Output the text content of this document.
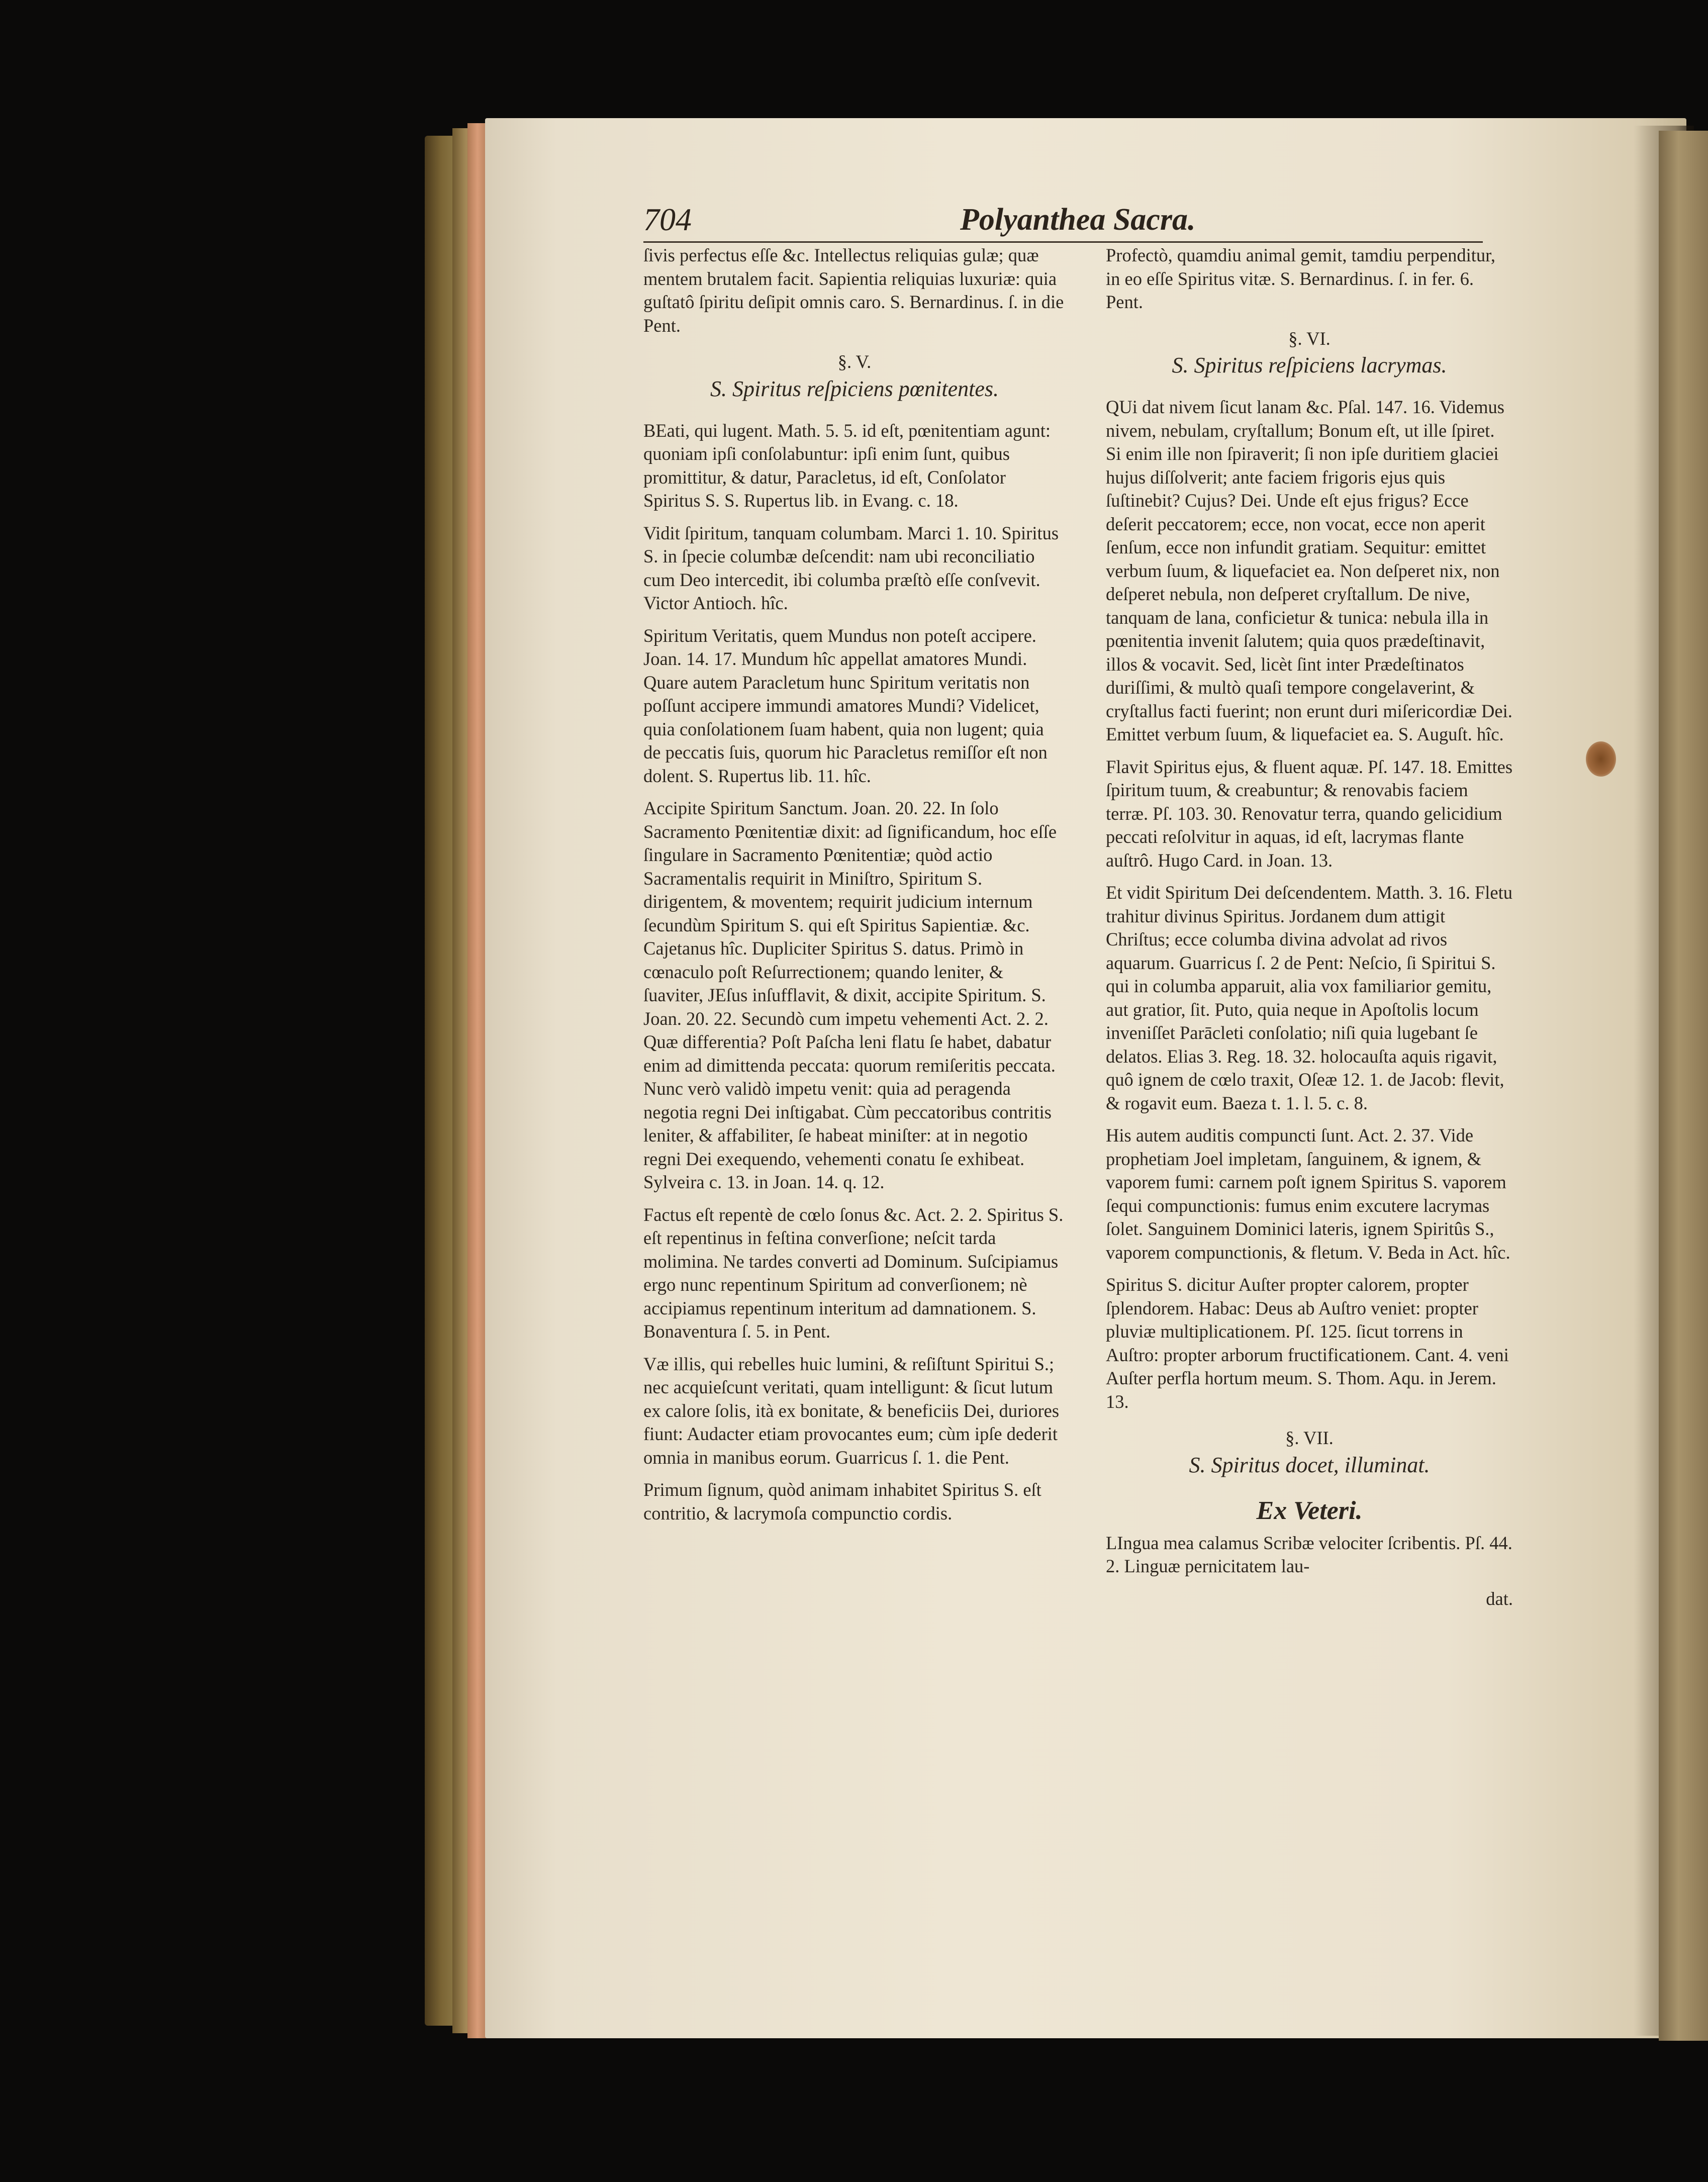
704	Polyanthea Sacra.

ſivis perfectus eſſe &c. Intellectus reliquias gulæ; quæ mentem brutalem facit. Sapientia reliquias luxuriæ: quia guſtatô ſpiritu deſipit omnis caro. S. Bernardinus. ſ. in die Pent.

§. V.

S. Spiritus reſpiciens pœnitentes.

BEati, qui lugent. Math. 5. 5. id eſt, pœnitentiam agunt: quoniam ipſi conſolabuntur: ipſi enim ſunt, quibus promittitur, & datur, Paracletus, id eſt, Conſolator Spiritus S. S. Rupertus lib. in Evang. c. 18.

Vidit ſpiritum, tanquam columbam. Marci 1. 10. Spiritus S. in ſpecie columbæ deſcendit: nam ubi reconciliatio cum Deo intercedit, ibi columba præſtò eſſe conſvevit. Victor Antioch. hîc.

Spiritum Veritatis, quem Mundus non poteſt accipere. Joan. 14. 17. Mundum hîc appellat amatores Mundi. Quare autem Paracletum hunc Spiritum veritatis non poſſunt accipere immundi amatores Mundi? Videlicet, quia conſolationem ſuam habent, quia non lugent; quia de peccatis ſuis, quorum hic Paracletus remiſſor eſt non dolent. S. Rupertus lib. 11. hîc.

Accipite Spiritum Sanctum. Joan. 20. 22. In ſolo Sacramento Pœnitentiæ dixit: ad ſignificandum, hoc eſſe ſingulare in Sacramento Pœnitentiæ; quòd actio Sacramentalis requirit in Miniſtro, Spiritum S. dirigentem, & moventem; requirit judicium internum ſecundùm Spiritum S. qui eſt Spiritus Sapientiæ. &c. Cajetanus hîc. Dupliciter Spiritus S. datus. Primò in cœnaculo poſt Reſurrectionem; quando leniter, & ſuaviter, JEſus inſufflavit, & dixit, accipite Spiritum. S. Joan. 20. 22. Secundò cum impetu vehementi Act. 2. 2. Quæ differentia? Poſt Paſcha leni flatu ſe habet, dabatur enim ad dimittenda peccata: quorum remiſeritis peccata. Nunc verò validò impetu venit: quia ad peragenda negotia regni Dei inſtigabat. Cùm peccatoribus contritis leniter, & affabiliter, ſe habeat miniſter: at in negotio regni Dei exequendo, vehementi conatu ſe exhibeat. Sylveira c. 13. in Joan. 14. q. 12.

Factus eſt repentè de cœlo ſonus &c. Act. 2. 2. Spiritus S. eſt repentinus in feſtina converſione; neſcit tarda molimina. Ne tardes converti ad Dominum. Suſcipiamus ergo nunc repentinum Spiritum ad converſionem; nè accipiamus repentinum interitum ad damnationem. S. Bonaventura ſ. 5. in Pent.

Væ illis, qui rebelles huic lumini, & reſiſtunt Spiritui S.; nec acquieſcunt veritati, quam intelligunt: & ſicut lutum ex calore ſolis, ità ex bonitate, & beneficiis Dei, duriores fiunt: Audacter etiam provocantes eum; cùm ipſe dederit omnia in manibus eorum. Guarricus ſ. 1. die Pent.

Primum ſignum, quòd animam inhabitet Spiritus S. eſt contritio, & lacrymoſa compunctio cordis.

Profectò, quamdiu animal gemit, tamdiu perpenditur, in eo eſſe Spiritus vitæ. S. Bernardinus. ſ. in fer. 6. Pent.

§. VI.

S. Spiritus reſpiciens lacrymas.

QUi dat nivem ſicut lanam &c. Pſal. 147. 16. Videmus nivem, nebulam, cryſtallum; Bonum eſt, ut ille ſpiret. Si enim ille non ſpiraverit; ſi non ipſe duritiem glaciei hujus diſſolverit; ante faciem frigoris ejus quis ſuſtinebit? Cujus? Dei. Unde eſt ejus frigus? Ecce deſerit peccatorem; ecce, non vocat, ecce non aperit ſenſum, ecce non infundit gratiam. Sequitur: emittet verbum ſuum, & liquefaciet ea. Non deſperet nix, non deſperet nebula, non deſperet cryſtallum. De nive, tanquam de lana, conficietur & tunica: nebula illa in pœnitentia invenit ſalutem; quia quos prædeſtinavit, illos & vocavit. Sed, licèt ſint inter Prædeſtinatos duriſſimi, & multò quaſi tempore congelaverint, & cryſtallus facti fuerint; non erunt duri miſericordiæ Dei. Emittet verbum ſuum, & liquefaciet ea. S. Auguſt. hîc.

Flavit Spiritus ejus, & fluent aquæ. Pſ. 147. 18. Emittes ſpiritum tuum, & creabuntur; & renovabis faciem terræ. Pſ. 103. 30. Renovatur terra, quando gelicidium peccati reſolvitur in aquas, id eſt, lacrymas flante auſtrô. Hugo Card. in Joan. 13.

Et vidit Spiritum Dei deſcendentem. Matth. 3. 16. Fletu trahitur divinus Spiritus. Jordanem dum attigit Chriſtus; ecce columba divina advolat ad rivos aquarum. Guarricus ſ. 2 de Pent: Neſcio, ſi Spiritui S. qui in columba apparuit, alia vox familiarior gemitu, aut gratior, ſit. Puto, quia neque in Apoſtolis locum inveniſſet Parācleti conſolatio; niſi quia lugebant ſe delatos. Elias 3. Reg. 18. 32. holocauſta aquis rigavit, quô ignem de cœlo traxit, Oſeæ 12. 1. de Jacob: flevit, & rogavit eum. Baeza t. 1. l. 5. c. 8.

His autem auditis compuncti ſunt. Act. 2. 37. Vide prophetiam Joel impletam, ſanguinem, & ignem, & vaporem fumi: carnem poſt ignem Spiritus S. vaporem ſequi compunctionis: fumus enim excutere lacrymas ſolet. Sanguinem Dominici lateris, ignem Spiritûs S., vaporem compunctionis, & fletum. V. Beda in Act. hîc.

Spiritus S. dicitur Auſter propter calorem, propter ſplendorem. Habac: Deus ab Auſtro veniet: propter pluviæ multiplicationem. Pſ. 125. ſicut torrens in Auſtro: propter arborum fructificationem. Cant. 4. veni Auſter perfla hortum meum. S. Thom. Aqu. in Jerem. 13.

§. VII.

S. Spiritus docet, illuminat.

Ex Veteri.

LIngua mea calamus Scribæ velociter ſcribentis. Pſ. 44. 2. Linguæ pernicitatem lau-

dat.
